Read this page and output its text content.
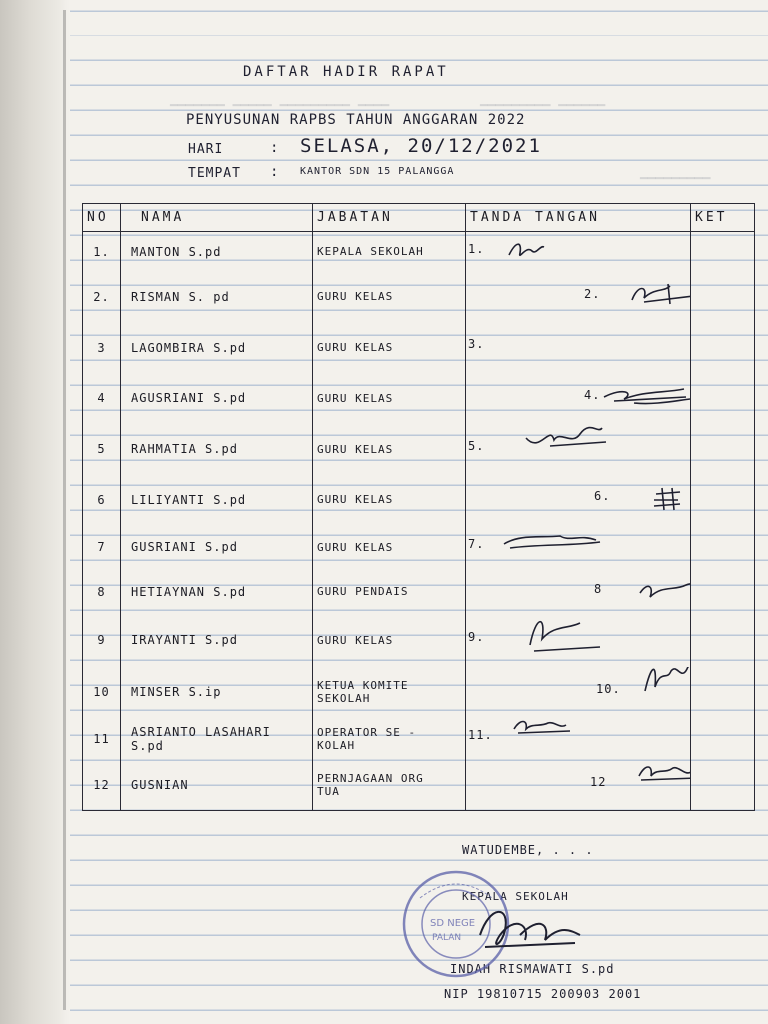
▁▁▁▁▁▁▁ ▁▁▁▁▁ ▁▁▁▁▁▁▁▁▁ ▁▁▁▁	▁▁▁▁▁▁▁▁▁ ▁▁▁▁▁▁
▁▁▁▁▁▁▁▁▁
DAFTAR HADIR RAPAT
PENYUSUNAN RAPBS TAHUN ANGGARAN 2022
HARI	: SELASA, 20/12/2021
TEMPAT : KANTOR SDN 15 PALANGGA
NO	NAMA	JABATAN	TANDA TANGAN	KET
1.	MANTON S.pd	KEPALA SEKOLAH	1.	

2.	RISMAN S. pd	GURU KELAS	2.	

3	LAGOMBIRA S.pd	GURU KELAS	3.	

4	AGUSRIANI S.pd	GURU KELAS	4.	

5	RAHMATIA S.pd	GURU KELAS	5.	

6	LILIYANTI S.pd	GURU KELAS	6.	

7	GUSRIANI S.pd	GURU KELAS	7.	

8	HETIAYNAN S.pd	GURU PENDAIS	8	

9	IRAYANTI S.pd	GURU KELAS	9.	

10	MINSER S.ip	KETUA KOMITE
SEKOLAH	10.	

11	ASRIANTO LASAHARI
S.pd	OPERATOR SE -
KOLAH	11.	

12	GUSNIAN	PERNJAGAAN ORG
TUA	12	

WATUDEMBE, . . .
KEPALA SEKOLAH
INDAH RISMAWATI S.pd
NIP 19810715 200903 2001
SD NEGE
PALAN
